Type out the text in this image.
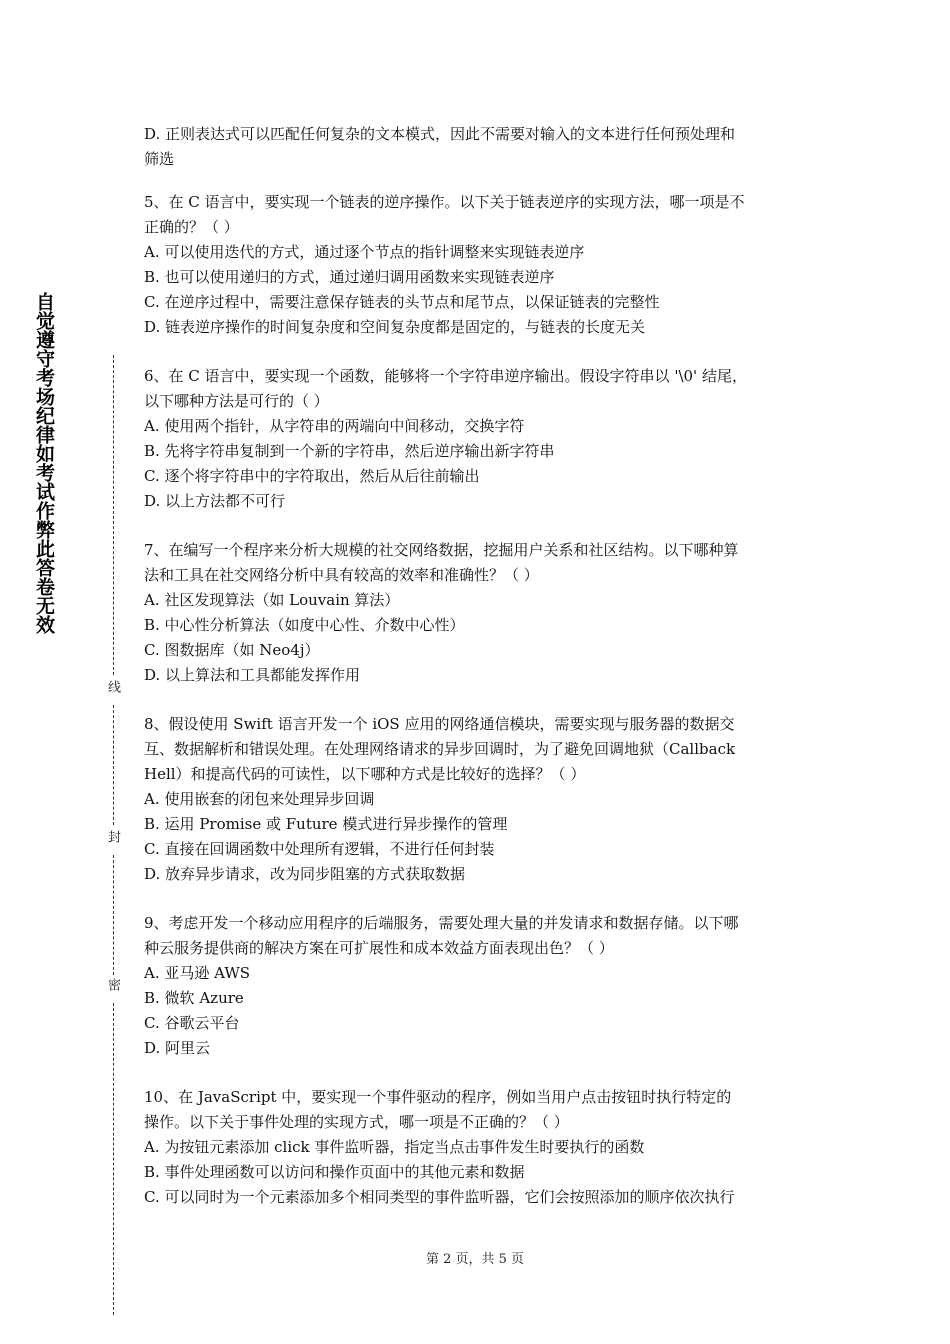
自觉遵守考场纪律如考试作弊此答卷无效
线
封
密
D. 正则表达式可以匹配任何复杂的文本模式，因此不需要对输入的文本进行任何预处理和
筛选
5、在 C 语言中，要实现一个链表的逆序操作。以下关于链表逆序的实现方法，哪一项是不
正确的？（ ）
A. 可以使用迭代的方式，通过逐个节点的指针调整来实现链表逆序
B. 也可以使用递归的方式，通过递归调用函数来实现链表逆序
C. 在逆序过程中，需要注意保存链表的头节点和尾节点，以保证链表的完整性
D. 链表逆序操作的时间复杂度和空间复杂度都是固定的，与链表的长度无关
6、在 C 语言中，要实现一个函数，能够将一个字符串逆序输出。假设字符串以 '\0' 结尾，
以下哪种方法是可行的（ ）
A. 使用两个指针，从字符串的两端向中间移动，交换字符
B. 先将字符串复制到一个新的字符串，然后逆序输出新字符串
C. 逐个将字符串中的字符取出，然后从后往前输出
D. 以上方法都不可行
7、在编写一个程序来分析大规模的社交网络数据，挖掘用户关系和社区结构。以下哪种算
法和工具在社交网络分析中具有较高的效率和准确性？（ ）
A. 社区发现算法（如 Louvain 算法）
B. 中心性分析算法（如度中心性、介数中心性）
C. 图数据库（如 Neo4j）
D. 以上算法和工具都能发挥作用
8、假设使用 Swift 语言开发一个 iOS 应用的网络通信模块，需要实现与服务器的数据交
互、数据解析和错误处理。在处理网络请求的异步回调时，为了避免回调地狱（Callback
Hell）和提高代码的可读性，以下哪种方式是比较好的选择？（ ）
A. 使用嵌套的闭包来处理异步回调
B. 运用 Promise 或 Future 模式进行异步操作的管理
C. 直接在回调函数中处理所有逻辑，不进行任何封装
D. 放弃异步请求，改为同步阻塞的方式获取数据
9、考虑开发一个移动应用程序的后端服务，需要处理大量的并发请求和数据存储。以下哪
种云服务提供商的解决方案在可扩展性和成本效益方面表现出色？（ ）
A. 亚马逊 AWS
B. 微软 Azure
C. 谷歌云平台
D. 阿里云
10、在 JavaScript 中，要实现一个事件驱动的程序，例如当用户点击按钮时执行特定的
操作。以下关于事件处理的实现方式，哪一项是不正确的？（ ）
A. 为按钮元素添加 click 事件监听器，指定当点击事件发生时要执行的函数
B. 事件处理函数可以访问和操作页面中的其他元素和数据
C. 可以同时为一个元素添加多个相同类型的事件监听器，它们会按照添加的顺序依次执行
第 2 页，共 5 页
